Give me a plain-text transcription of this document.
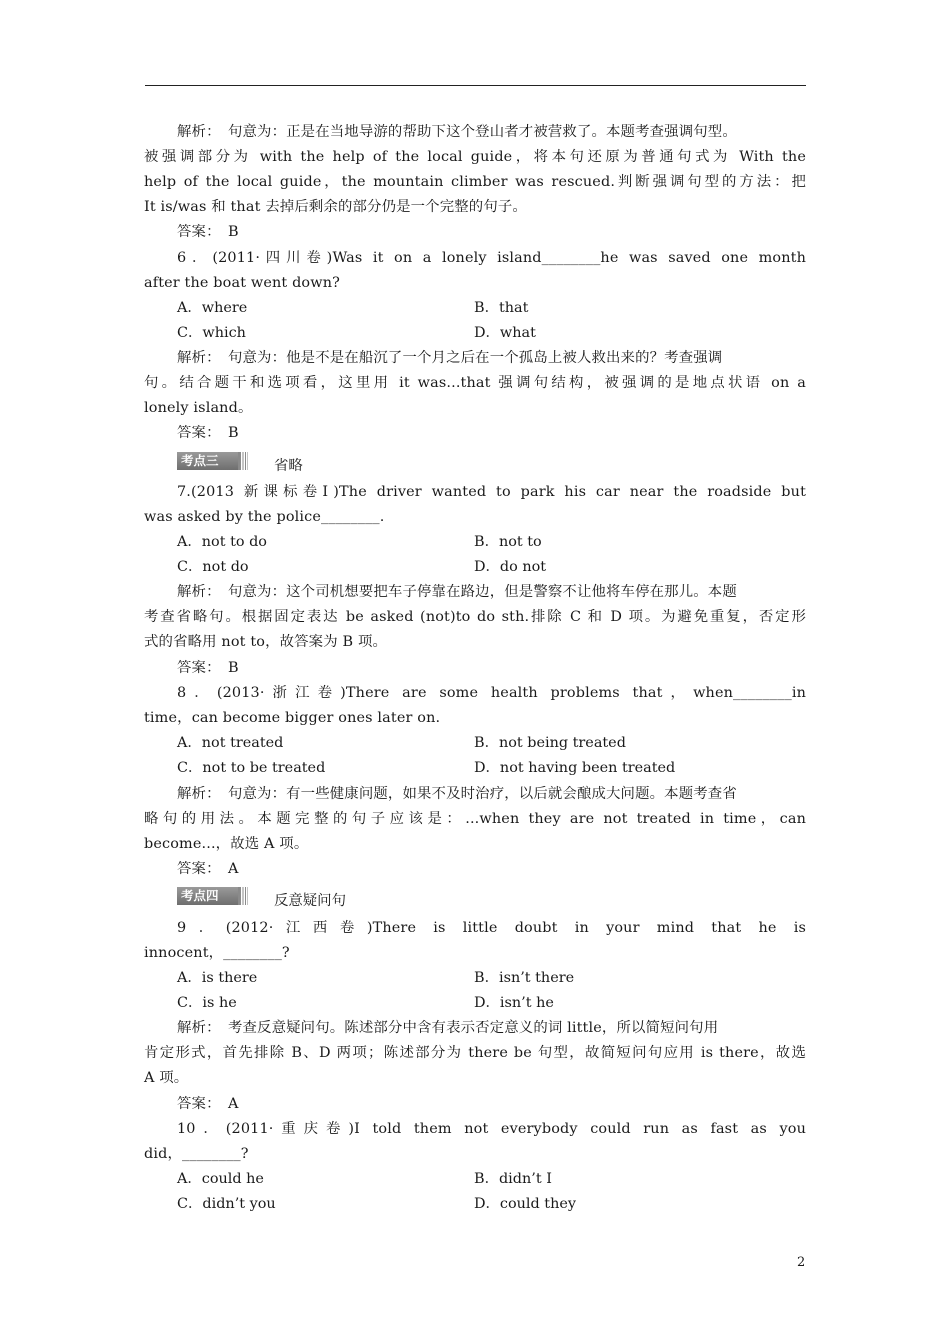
解析：　句意为：正是在当地导游的帮助下这个登山者才被营救了。本题考查强调句型。
被强调部分为 with the help of the local guide，将本句还原为普通句式为 With the
help of the local guide，the mountain climber was rescued.判断强调句型的方法：把
It is/was 和 that 去掉后剩余的部分仍是一个完整的句子。
答案：　B
6．(2011·四川卷)Was it on a lonely island________he was saved one month
after the boat went down?
A．where	B．that
C．which	D．what
解析：　句意为：他是不是在船沉了一个月之后在一个孤岛上被人救出来的？考查强调
句。结合题干和选项看，这里用 it was...that 强调句结构，被强调的是地点状语 on a
lonely island。
答案：　B
考点三	省略
7.(2013 新课标卷Ⅰ)The driver wanted to park his car near the roadside but
was asked by the police________.
A．not to do	B．not to
C．not do	D．do not
解析：　句意为：这个司机想要把车子停靠在路边，但是警察不让他将车停在那儿。本题
考查省略句。根据固定表达 be asked (not)to do sth.排除 C 和 D 项。为避免重复，否定形
式的省略用 not to，故答案为 B 项。
答案：　B
8．(2013·浙江卷)There are some health problems that，when________in
time，can become bigger ones later on.
A．not treated	B．not being treated
C．not to be treated	D．not having been treated
解析：　句意为：有一些健康问题，如果不及时治疗，以后就会酿成大问题。本题考查省
略句的用法。本题完整的句子应该是：...when they are not treated in time，can
become...，故选 A 项。
答案：　A
考点四	反意疑问句
9．(2012·江西卷)There is little doubt in your mind that he is
innocent，________?
A．is there	B．isn’t there
C．is he	D．isn’t he
解析：　考查反意疑问句。陈述部分中含有表示否定意义的词 little，所以简短问句用
肯定形式，首先排除 B、D 两项；陈述部分为 there be 句型，故简短问句应用 is there，故选
A 项。
答案：　A
10．(2011·重庆卷)I told them not everybody could run as fast as you
did，________?
A．could he	B．didn’t I
C．didn’t you	D．could they
2
